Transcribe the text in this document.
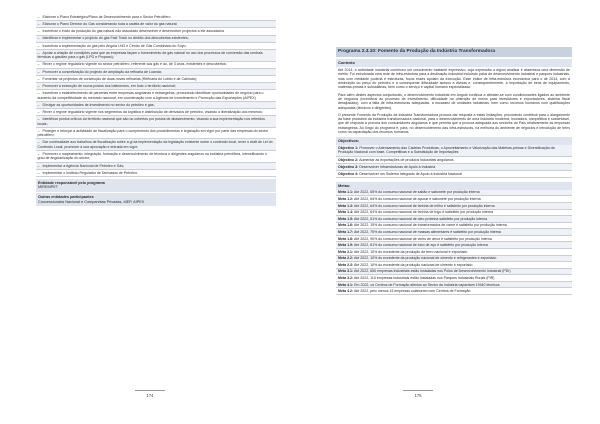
– Elaborar o Plano Estratégico/Plano de Desenvolvimento para o Sector Petrolífero
– Elaborar o Plano Director do Gás considerando toda a cadeia de valor do gás natural;
– Incentivar o início da produção do gás natural não associado desenvolver e desenvolver projectos a ele associados
– Identificar e implementar o projecto do gás Fast Track no âmbito dos descobertas existentes;
– Incentivar a implementação do gás pelo Angola LNG e Centro de Gás Combinado do Soyo;
– Apoiar a criação de condições para que as empresas façam o fornecimento de gás natural no uso dos processos de conversão das centrais térmicas a gasóleo para o gás (LPG e Propano);
– Rever o regime regulatório vigente no sector petrolífero, referente aos gás e ao, de 3 anos, existentes e descobertos;
– Promover a concretização do projecto de ampliação da refinaria de Luanda;
– Fomentar os projectos de construção de duas novas refinarias (Refinaria do Lobito e de Cabinda);
– Promover a execução de novos postos dos batimentos, em todo o território nacional;
– Incentivar o estabelecimento de parcerias entre empresas angolanas e estrangeiras, procurando identificar oportunidades de negócio para o aumento da competitividade do mercado nacional, em coordenação com a Agência de Investimento e Promoção das Exportações (AIPEX)
– Divulgar as oportunidades de investimento no sector do petróleo e gás;
– Rever o regime regulatório vigente nos segmentos da logística e distribuição de derivados de petróleo, visando a liberalização dos mesmos;
– Identificar pontos críticos do território nacional que são ou cobertos por postos de abastecimento, visando a sua implementação nos referidos locais;
– Proteger e reforçar a actividade de fiscalização para o cumprimento dos procedimentos e legislação em vigor por parte das empresas do sector petrolífero;
– Dar continuidade aos trabalhos de fiscalização sobre a gi da implementação da legislação existente sobre o conteúdo local, rever o draft de Lei do Conteúdo Local, promover a sua aprovação e entrada em vigor;
– Promover o mapeamento, integração, formação e desenvolvimento de técnicos e dirigentes angolanos na indústria petrolífera, intensificando o grau de angolanização do sector;
– Implementar a Agência Nacional de Petróleo e Gás;
– Implementar o Instituto Regulador de Derivados de Petróleo.
Entidade responsável pelo programa
MIREMPET
Outras entidades participantes
Concessionária Nacional e Companhias Privadas, MEP, AIPEX
174
Programa 2.3.10: Fomento da Produção da Indústria Transformadora
Contexto
Até 2014, a actividade industrial conheceu um crescimento bastante expressivo, cuja expressão a algum analisar é assentava uma dimensão de mérito. Foi estruturada uma rede de infra-estrutura para a destinação industrial incluindo polos de desenvolvimento industrial e parques industriais, mas com mediante poderia e estruturas, focos esses apoiam da execução. Esse índice de infra-estrutura económica para o de 2014, com a diminuição do preço do petróleo e a consequente dificuldade acesso a divisas e, consequentemente, à importação de bens de equipamento, matérias-primas e subsidiárias, bem como o serviço e capital humano especializado.
Para além destes aspectos conjunturais, o desenvolvimento industrial em Angola continua a debater-se com condicionantes ligados ao ambiente de negócios (incentivos ao processo de investimento, dificuldade na obtenção de meios para investidores e exportadores, sistema fiscal desajustado), com a falta de infra-estruturas adequadas, a escassez de unidades industriais, bem como recursos humanos com qualificações adequadas (técnicos e dirigentes).
O presente Fomento da Produção da Indústria Transformadora procura dar resposta a estas limitações, procurando contribuir para o alargamento da base produtiva da indústria transformadora nacional, para o desenvolvimento de uma indústria moderna, inovadora, competitiva e sustentável, que dê resposta à procura dos consumidores angolanos e que permita que a procura adequada aos sectores do País relativamente às empresas estrangeiras. Ao longo do programa é, para, no desenvolvimento das infra-estruturas, na melhoria do ambiente de negócios e introdução de bens como na capacitação dos recursos humanos.
Objectivos:
Objectivo 1: Promover o Adensamento das Cadeias Produtivas, o Aproveitamento e Valorização das Matérias-primas e Diversificação da Produção Nacional com base, Competitivas e a Substituição de Importações
Objectivo 2: Aumentar as exportações de produtos industriais angolanos
Objectivo 3: Desenvolver Infraestruturas de Apoio à Indústria
Objectivo 4: Desenvolver um Sistema Integrado de Apoio à Indústria Nacional
Metas:
Meta 1.1: Até 2022, 65% do consumo nacional de sabão e sabonete por produção interna
Meta 1.2: Até 2022, 64% do consumo nacional de açúcar e sabonete por produção interna
Meta 1.3: Até 2022, 64% do consumo nacional de farinha de milho é satisfeito por produção interna
Meta 1.4: Até 2022, 64% do consumo nacional de farinha de trigo é satisfeito por produção interna
Meta 1.5: Até 2022, 61% do consumo nacional de óleo proteína satisfeito por produção interna
Meta 1.6: Até 2022, 15% do consumo nacional de transformados de carne é satisfeito por produção interna
Meta 1.7: Até 2022, 75% do consumo nacional de massas alimentares é satisfeito por produção interna
Meta 1.8: Até 2022, 90% do consumo nacional de vinho de arroz é satisfeito por produção interna
Meta 1.9: Até 2022, 61% do consumo nacional de tubo de aço é satisfeito por produção interna
Meta 2.1: Até 2022, 10% do excedente da produção de ferro nacional é exportado
Meta 2.2: Até 2022, 10% do excedente da produção nacional de cimento e refrigerantes é exportado
Meta 2.3: Até 2022, 10% do excedente da produção nacional de cimento é exportado
Meta 3.1: Até 2022, 650 empresas industriais estão instaladas nos Polos de Desenvolvimento Industrial (PDI)
Meta 3.2: Até 2022, 110 empresas industriais estão instaladas nos Parques Industriais Rurais (PIR)
Meta 4.1: Em 2022, os Centros de Formação afectos ao Sector da Indústria capacitam 19440 técnicos
Meta 4.2: Até 2022, pelo menos 15 empresas colaboram com Centros de Formação
175
